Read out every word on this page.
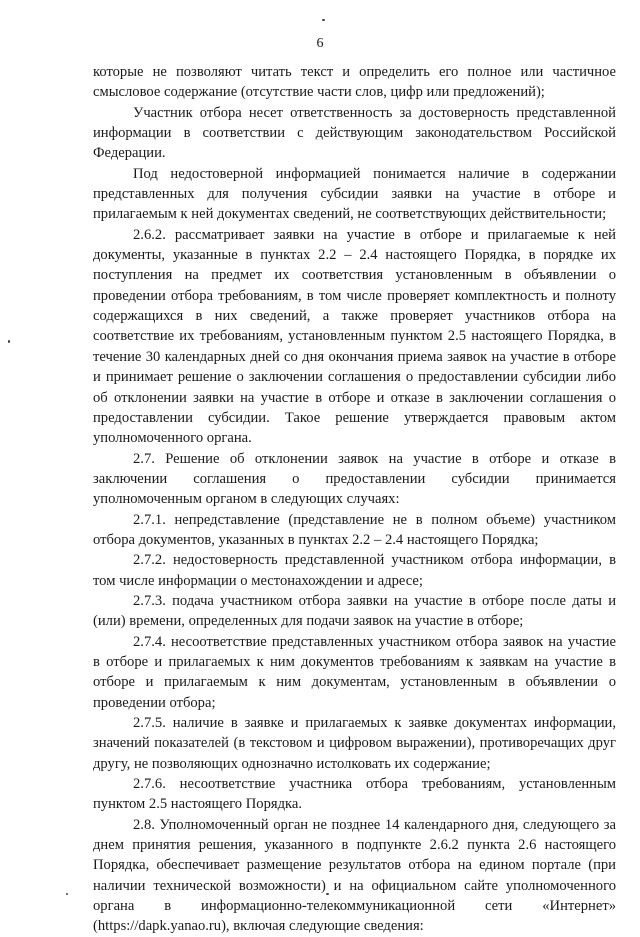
6

которые не позволяют читать текст и определить его полное или частичное смысловое содержание (отсутствие части слов, цифр или предложений);

Участник отбора несет ответственность за достоверность представленной информации в соответствии с действующим законодательством Российской Федерации.

Под недостоверной информацией понимается наличие в содержании представленных для получения субсидии заявки на участие в отборе и прилагаемым к ней документах сведений, не соответствующих действительности;

2.6.2. рассматривает заявки на участие в отборе и прилагаемые к ней документы, указанные в пунктах 2.2 – 2.4 настоящего Порядка, в порядке их поступления на предмет их соответствия установленным в объявлении о проведении отбора требованиям, в том числе проверяет комплектность и полноту содержащихся в них сведений, а также проверяет участников отбора на соответствие их требованиям, установленным пунктом 2.5 настоящего Порядка, в течение 30 календарных дней со дня окончания приема заявок на участие в отборе и принимает решение о заключении соглашения о предоставлении субсидии либо об отклонении заявки на участие в отборе и отказе в заключении соглашения о предоставлении субсидии. Такое решение утверждается правовым актом уполномоченного органа.

2.7. Решение об отклонении заявок на участие в отборе и отказе в заключении соглашения о предоставлении субсидии принимается уполномоченным органом в следующих случаях:

2.7.1. непредставление (представление не в полном объеме) участником отбора документов, указанных в пунктах 2.2 – 2.4 настоящего Порядка;

2.7.2. недостоверность представленной участником отбора информации, в том числе информации о местонахождении и адресе;

2.7.3. подача участником отбора заявки на участие в отборе после даты и (или) времени, определенных для подачи заявок на участие в отборе;

2.7.4. несоответствие представленных участником отбора заявок на участие в отборе и прилагаемых к ним документов требованиям к заявкам на участие в отборе и прилагаемым к ним документам, установленным в объявлении о проведении отбора;

2.7.5. наличие в заявке и прилагаемых к заявке документах информации, значений показателей (в текстовом и цифровом выражении), противоречащих друг другу, не позволяющих однозначно истолковать их содержание;

2.7.6. несоответствие участника отбора требованиям, установленным пунктом 2.5 настоящего Порядка.

2.8. Уполномоченный орган не позднее 14 календарного дня, следующего за днем принятия решения, указанного в подпункте 2.6.2 пункта 2.6 настоящего Порядка, обеспечивает размещение результатов отбора на едином портале (при наличии технической возможности) и на официальном сайте уполномоченного органа в информационно-телекоммуникационной сети «Интернет» (https://dapk.yanao.ru), включая следующие сведения:
